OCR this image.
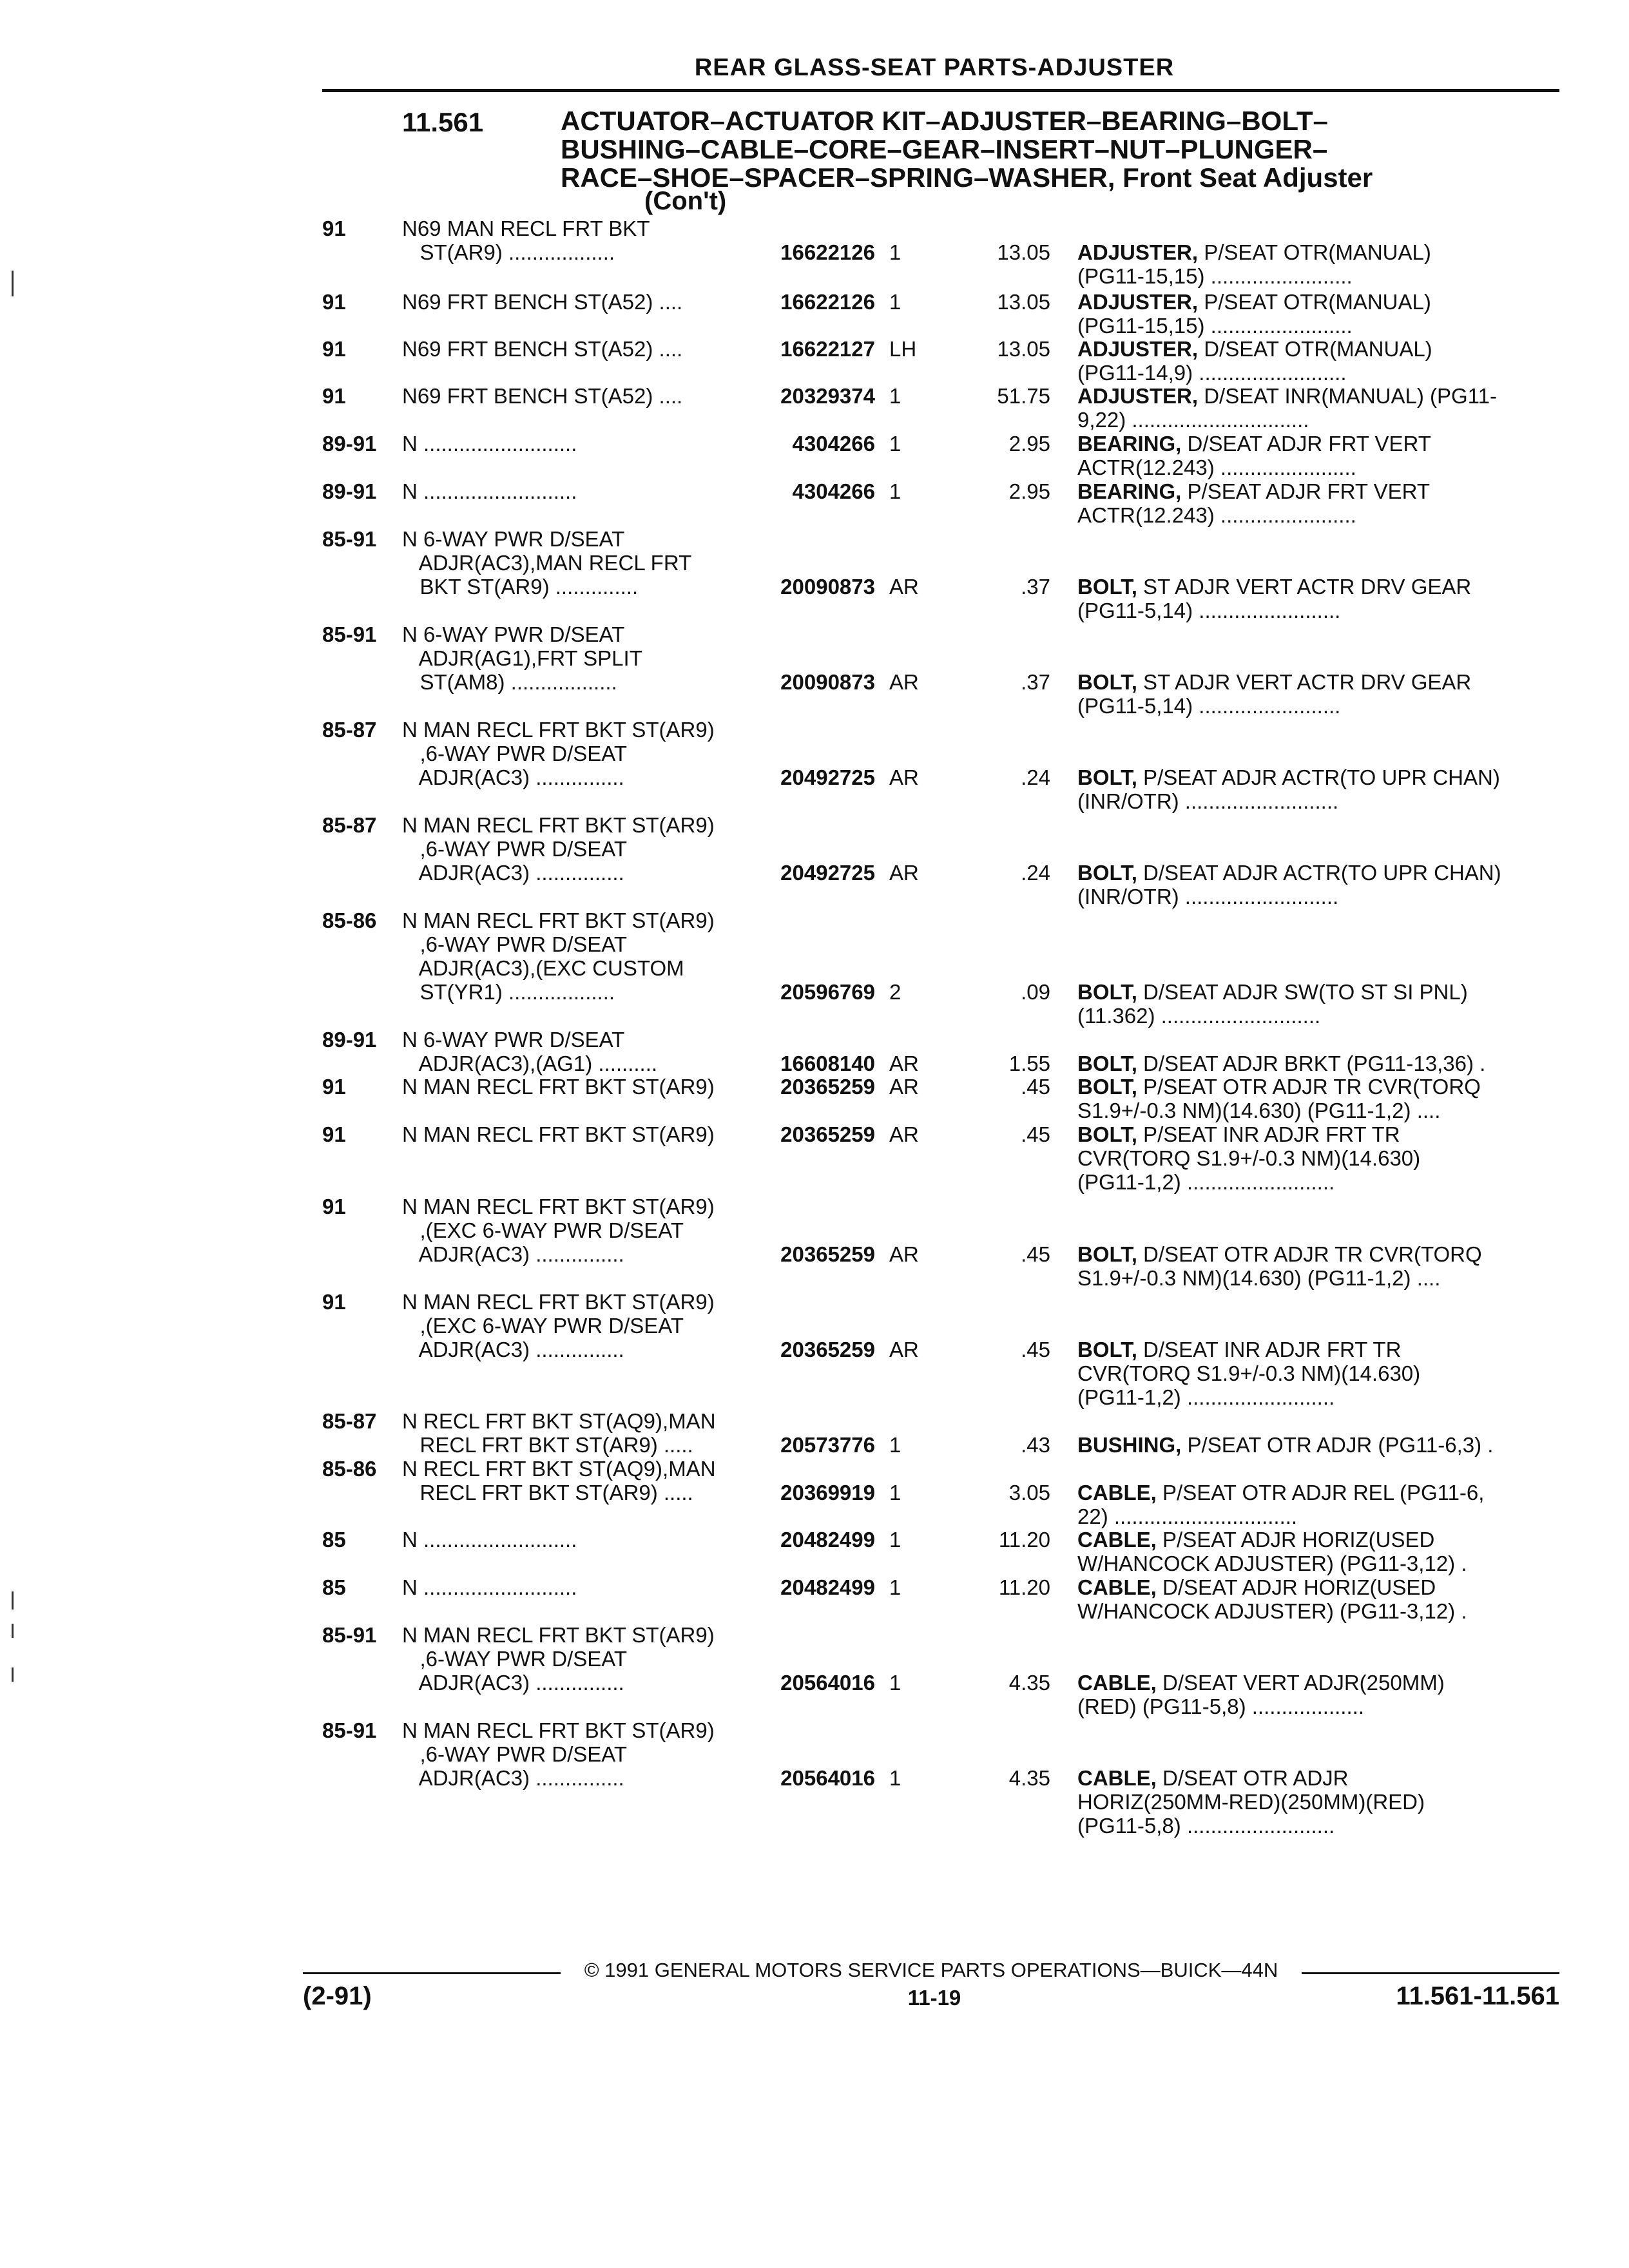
REAR GLASS-SEAT PARTS-ADJUSTER
11.561	ACTUATOR–ACTUATOR KIT–ADJUSTER–BEARING–BOLT–
BUSHING–CABLE–CORE–GEAR–INSERT–NUT–PLUNGER–
RACE–SHOE–SPACER–SPRING–WASHER, Front Seat Adjuster
(Con't)
91	N69 MAN RECL FRT BKT
ST(AR9) ..................	16622126 1	13.05 ADJUSTER, P/SEAT OTR(MANUAL)
(PG11-15,15) ........................
91	N69 FRT BENCH ST(A52) ....	16622126 1	13.05 ADJUSTER, P/SEAT OTR(MANUAL)
(PG11-15,15) ........................
91	N69 FRT BENCH ST(A52) ....	16622127 LH	13.05 ADJUSTER, D/SEAT OTR(MANUAL)
(PG11-14,9) .........................
91	N69 FRT BENCH ST(A52) ....	20329374 1	51.75 ADJUSTER, D/SEAT INR(MANUAL) (PG11-
9,22) ..............................
89-91 N ..........................	4304266 1	2.95 BEARING, D/SEAT ADJR FRT VERT
ACTR(12.243) .......................
89-91 N ..........................	4304266 1	2.95 BEARING, P/SEAT ADJR FRT VERT
ACTR(12.243) .......................
85-91 N 6-WAY PWR D/SEAT
ADJR(AC3),MAN RECL FRT
BKT ST(AR9) ..............	20090873 AR	.37 BOLT, ST ADJR VERT ACTR DRV GEAR
(PG11-5,14) ........................
85-91 N 6-WAY PWR D/SEAT
ADJR(AG1),FRT SPLIT
ST(AM8) ..................	20090873 AR	.37 BOLT, ST ADJR VERT ACTR DRV GEAR
(PG11-5,14) ........................
85-87 N MAN RECL FRT BKT ST(AR9)
,6-WAY PWR D/SEAT
ADJR(AC3) ...............	20492725 AR	.24 BOLT, P/SEAT ADJR ACTR(TO UPR CHAN)
(INR/OTR) ..........................
85-87 N MAN RECL FRT BKT ST(AR9)
,6-WAY PWR D/SEAT
ADJR(AC3) ...............	20492725 AR	.24 BOLT, D/SEAT ADJR ACTR(TO UPR CHAN)
(INR/OTR) ..........................
85-86 N MAN RECL FRT BKT ST(AR9)
,6-WAY PWR D/SEAT
ADJR(AC3),(EXC CUSTOM
ST(YR1) ..................	20596769 2	.09 BOLT, D/SEAT ADJR SW(TO ST SI PNL)
(11.362) ...........................
89-91 N 6-WAY PWR D/SEAT
ADJR(AC3),(AG1) ..........	16608140 AR	1.55 BOLT, D/SEAT ADJR BRKT (PG11-13,36) .
91	N MAN RECL FRT BKT ST(AR9)	20365259 AR	.45 BOLT, P/SEAT OTR ADJR TR CVR(TORQ
S1.9+/-0.3 NM)(14.630) (PG11-1,2) ....
91	N MAN RECL FRT BKT ST(AR9)	20365259 AR	.45 BOLT, P/SEAT INR ADJR FRT TR
CVR(TORQ S1.9+/-0.3 NM)(14.630)
(PG11-1,2) .........................
91	N MAN RECL FRT BKT ST(AR9)
,(EXC 6-WAY PWR D/SEAT
ADJR(AC3) ...............	20365259 AR	.45 BOLT, D/SEAT OTR ADJR TR CVR(TORQ
S1.9+/-0.3 NM)(14.630) (PG11-1,2) ....
91	N MAN RECL FRT BKT ST(AR9)
,(EXC 6-WAY PWR D/SEAT
ADJR(AC3) ...............	20365259 AR	.45 BOLT, D/SEAT INR ADJR FRT TR
CVR(TORQ S1.9+/-0.3 NM)(14.630)
(PG11-1,2) .........................
85-87 N RECL FRT BKT ST(AQ9),MAN
RECL FRT BKT ST(AR9) .....	20573776 1	.43 BUSHING, P/SEAT OTR ADJR (PG11-6,3) .
85-86 N RECL FRT BKT ST(AQ9),MAN
RECL FRT BKT ST(AR9) .....	20369919 1	3.05 CABLE, P/SEAT OTR ADJR REL (PG11-6,
22) ...............................
85	N ..........................	20482499 1	11.20 CABLE, P/SEAT ADJR HORIZ(USED
W/HANCOCK ADJUSTER) (PG11-3,12) .
85	N ..........................	20482499 1	11.20 CABLE, D/SEAT ADJR HORIZ(USED
W/HANCOCK ADJUSTER) (PG11-3,12) .
85-91 N MAN RECL FRT BKT ST(AR9)
,6-WAY PWR D/SEAT
ADJR(AC3) ...............	20564016 1	4.35 CABLE, D/SEAT VERT ADJR(250MM)
(RED) (PG11-5,8) ...................
85-91 N MAN RECL FRT BKT ST(AR9)
,6-WAY PWR D/SEAT
ADJR(AC3) ...............	20564016 1	4.35 CABLE, D/SEAT OTR ADJR
HORIZ(250MM-RED)(250MM)(RED)
(PG11-5,8) .........................
© 1991 GENERAL MOTORS SERVICE PARTS OPERATIONS—BUICK—44N
(2-91)	11-19	11.561-11.561
